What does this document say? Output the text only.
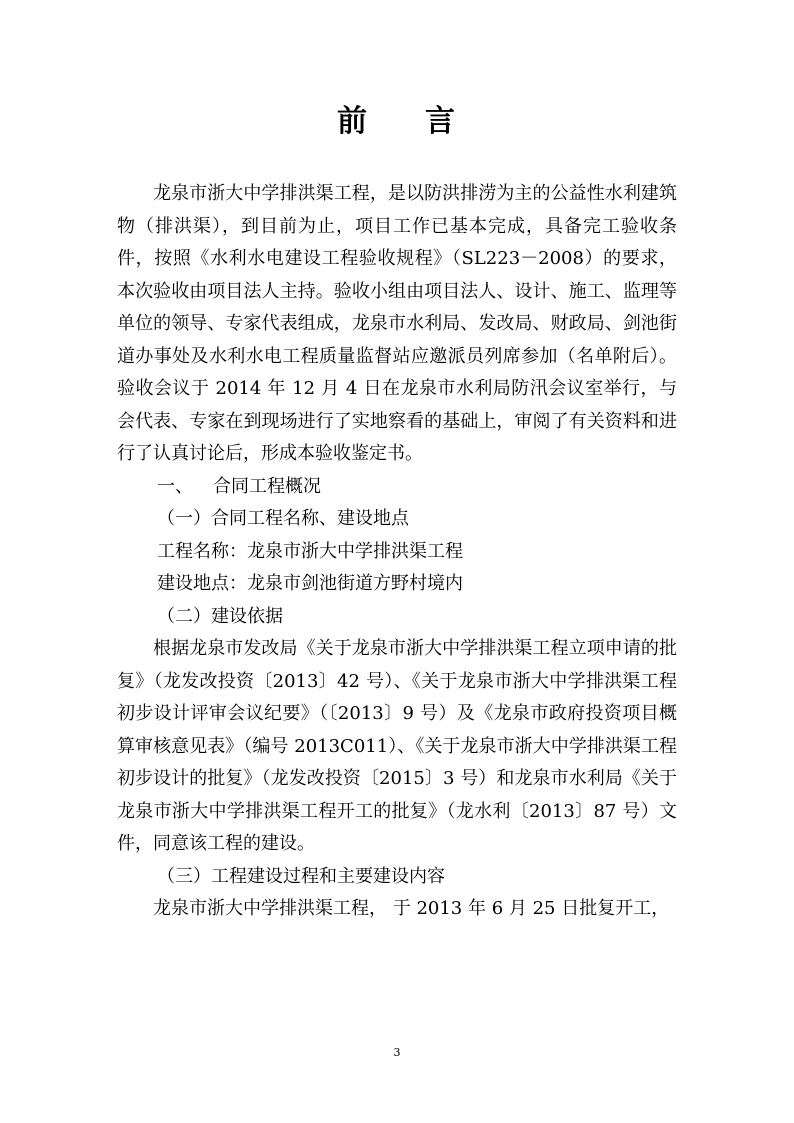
前 言

龙泉市浙大中学排洪渠工程，是以防洪排涝为主的公益性水利建筑物（排洪渠），到目前为止，项目工作已基本完成，具备完工验收条件，按照《水利水电建设工程验收规程》（SL223－2008）的要求，本次验收由项目法人主持。验收小组由项目法人、设计、施工、监理等单位的领导、专家代表组成，龙泉市水利局、发改局、财政局、剑池街道办事处及水利水电工程质量监督站应邀派员列席参加（名单附后）。验收会议于 2014 年 12 月 4 日在龙泉市水利局防汛会议室举行，与会代表、专家在到现场进行了实地察看的基础上，审阅了有关资料和进行了认真讨论后，形成本验收鉴定书。

一、 合同工程概况

（一）合同工程名称、建设地点

工程名称：龙泉市浙大中学排洪渠工程

建设地点：龙泉市剑池街道方野村境内

（二）建设依据

根据龙泉市发改局《关于龙泉市浙大中学排洪渠工程立项申请的批复》（龙发改投资〔2013〕42 号）、《关于龙泉市浙大中学排洪渠工程初步设计评审会议纪要》（〔2013〕9 号）及《龙泉市政府投资项目概算审核意见表》（编号 2013C011）、《关于龙泉市浙大中学排洪渠工程初步设计的批复》（龙发改投资〔2015〕3 号）和龙泉市水利局《关于龙泉市浙大中学排洪渠工程开工的批复》（龙水利〔2013〕87 号）文件，同意该工程的建设。

（三）工程建设过程和主要建设内容

龙泉市浙大中学排洪渠工程， 于 2013 年 6 月 25 日批复开工，

3
